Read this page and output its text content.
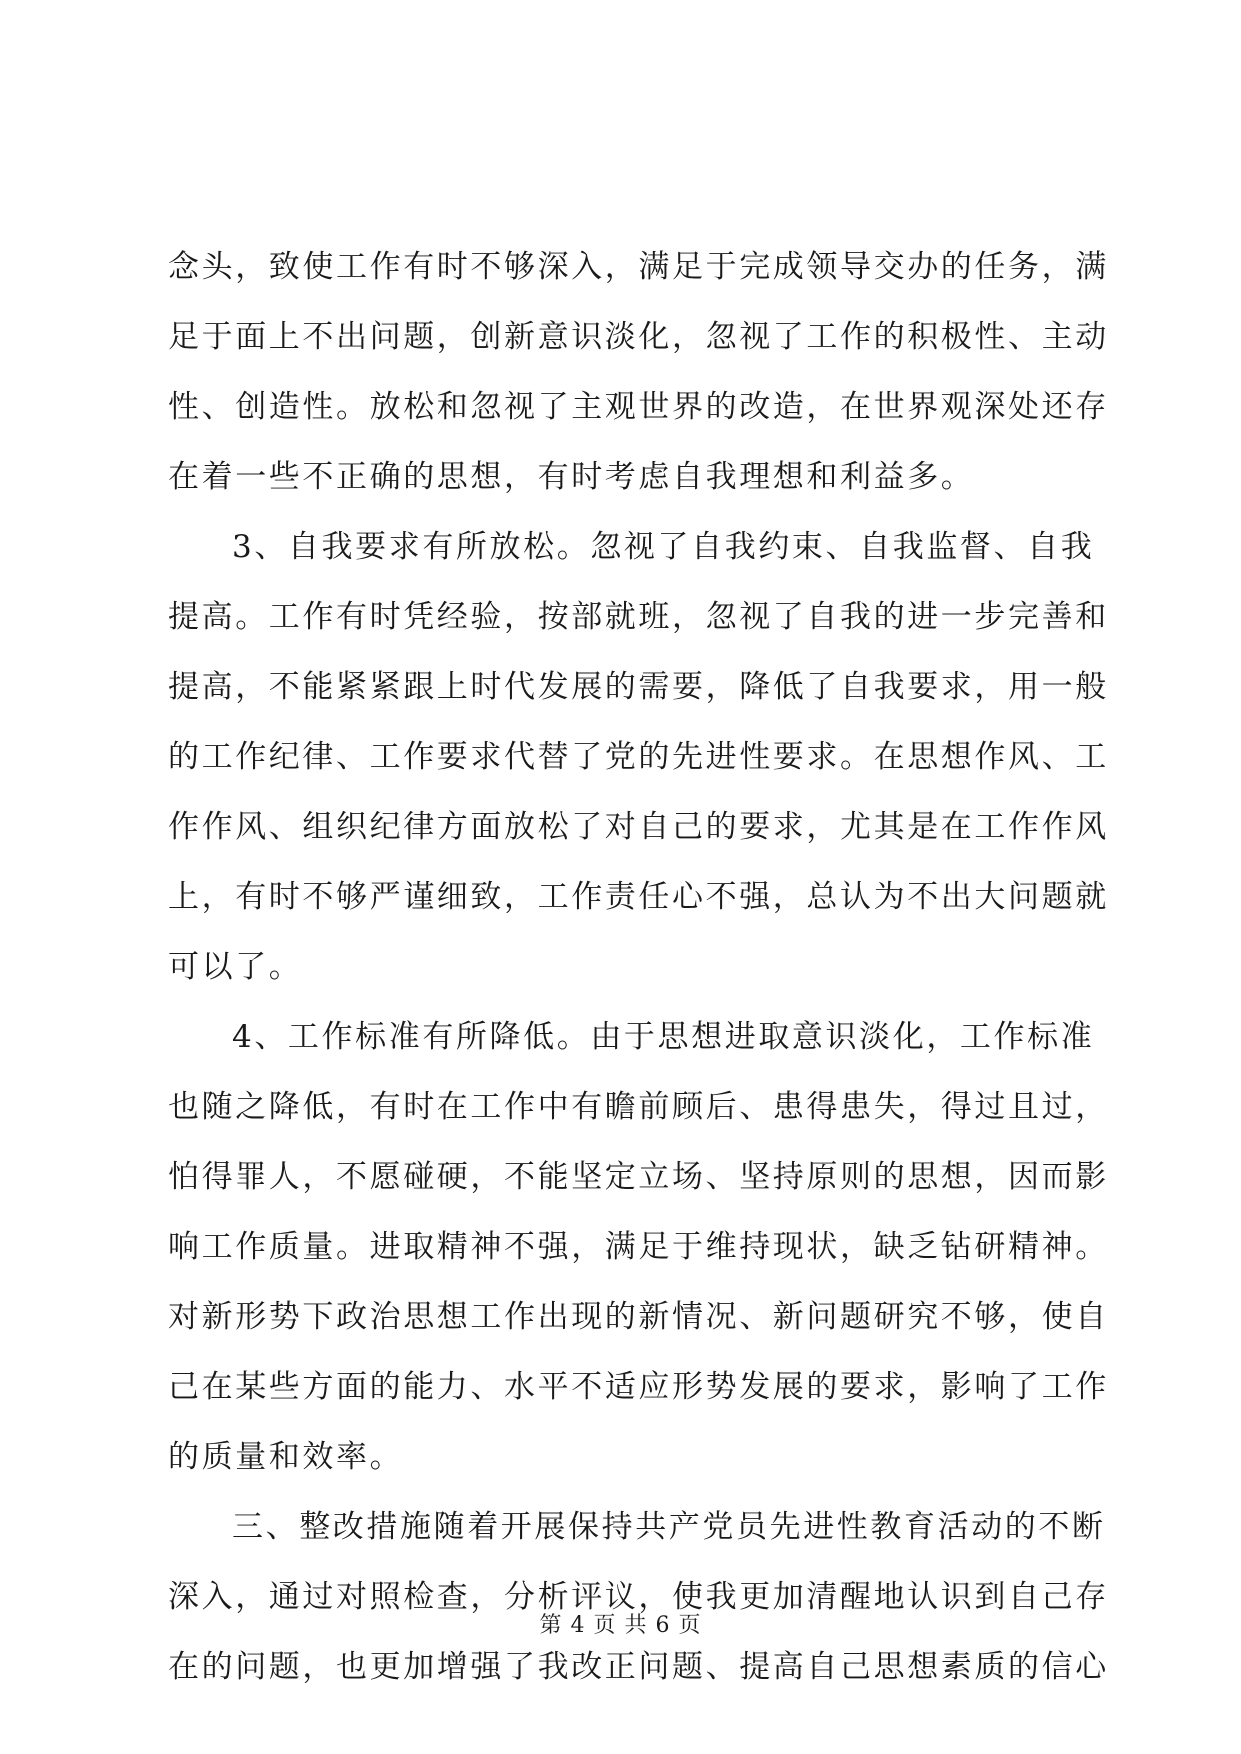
念头，致使工作有时不够深入，满足于完成领导交办的任务，满
足于面上不出问题，创新意识淡化，忽视了工作的积极性、主动
性、创造性。放松和忽视了主观世界的改造，在世界观深处还存
在着一些不正确的思想，有时考虑自我理想和利益多。
3、自我要求有所放松。忽视了自我约束、自我监督、自我
提高。工作有时凭经验，按部就班，忽视了自我的进一步完善和
提高，不能紧紧跟上时代发展的需要，降低了自我要求，用一般
的工作纪律、工作要求代替了党的先进性要求。在思想作风、工
作作风、组织纪律方面放松了对自己的要求，尤其是在工作作风
上，有时不够严谨细致，工作责任心不强，总认为不出大问题就
可以了。
4、工作标准有所降低。由于思想进取意识淡化，工作标准
也随之降低，有时在工作中有瞻前顾后、患得患失，得过且过，
怕得罪人，不愿碰硬，不能坚定立场、坚持原则的思想，因而影
响工作质量。进取精神不强，满足于维持现状，缺乏钻研精神。
对新形势下政治思想工作出现的新情况、新问题研究不够，使自
己在某些方面的能力、水平不适应形势发展的要求，影响了工作
的质量和效率。
三、整改措施随着开展保持共产党员先进性教育活动的不断
深入，通过对照检查，分析评议，使我更加清醒地认识到自己存
在的问题，也更加增强了我改正问题、提高自己思想素质的信心
第 4 页 共 6 页
